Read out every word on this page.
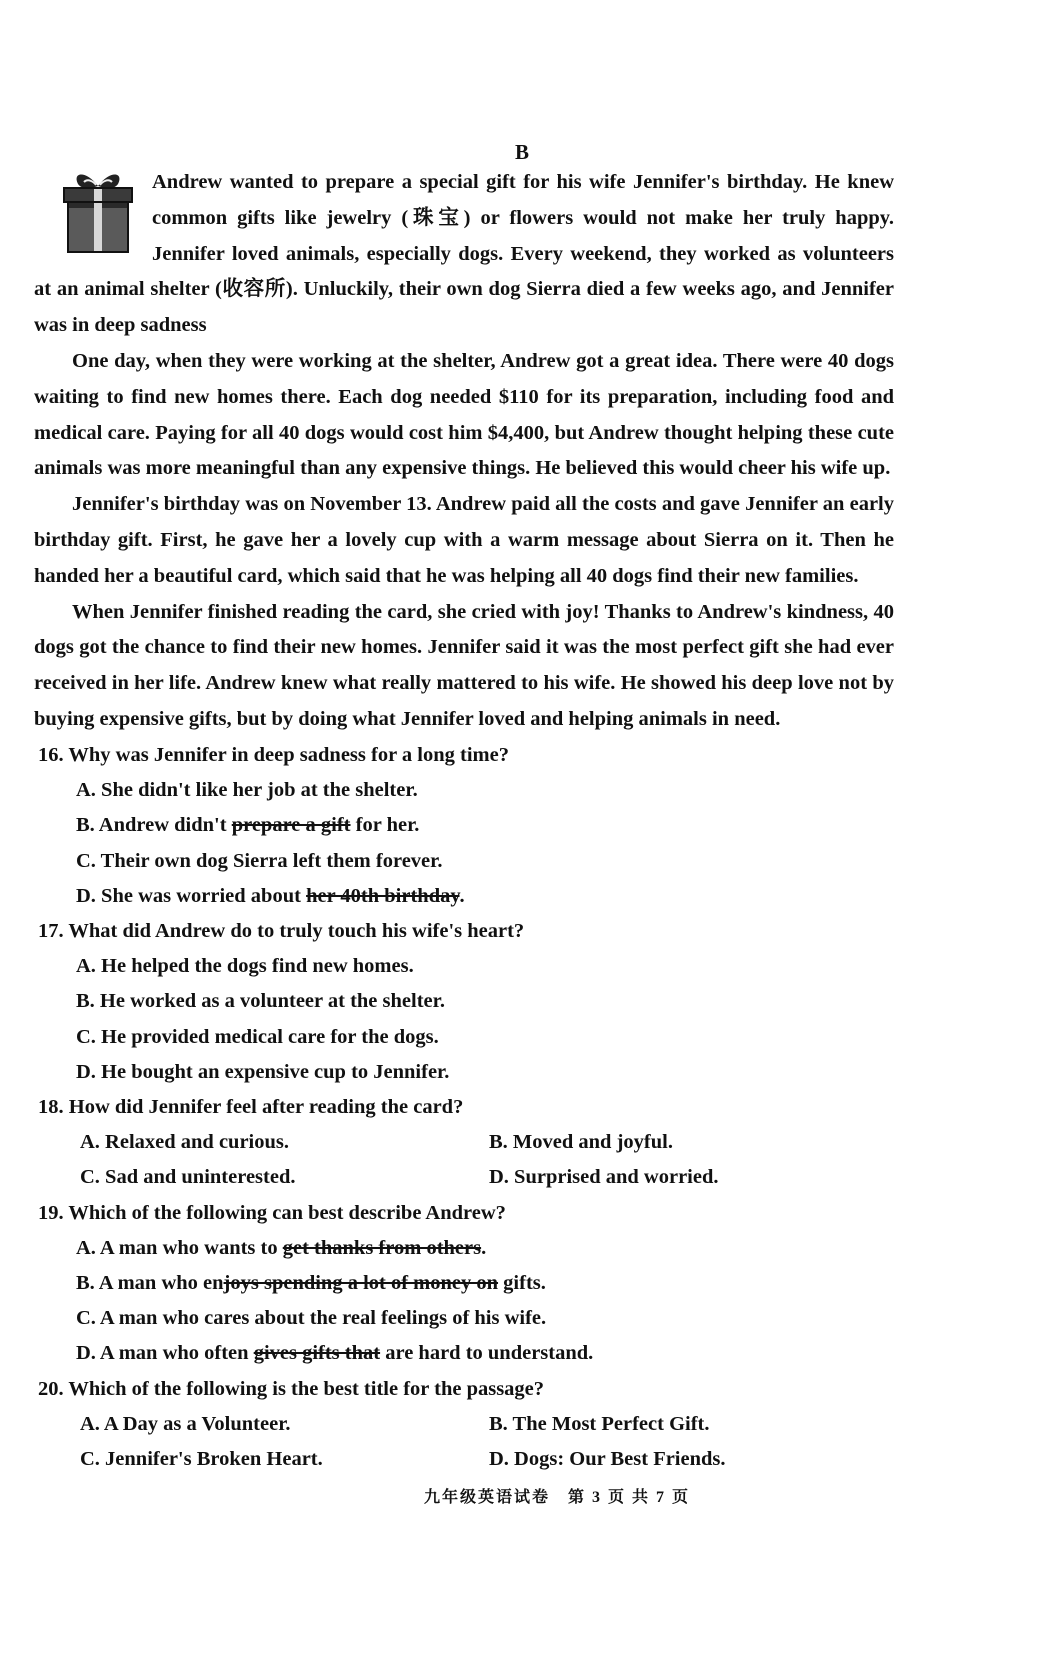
B

Andrew wanted to prepare a special gift for his wife Jennifer's birthday. He knew common gifts like jewelry (珠宝) or flowers would not make her truly happy. Jennifer loved animals, especially dogs. Every weekend, they worked as volunteers at an animal shelter (收容所). Unluckily, their own dog Sierra died a few weeks ago, and Jennifer was in deep sadness

One day, when they were working at the shelter, Andrew got a great idea. There were 40 dogs waiting to find new homes there. Each dog needed $110 for its preparation, including food and medical care. Paying for all 40 dogs would cost him $4,400, but Andrew thought helping these cute animals was more meaningful than any expensive things. He believed this would cheer his wife up.

Jennifer's birthday was on November 13. Andrew paid all the costs and gave Jennifer an early birthday gift. First, he gave her a lovely cup with a warm message about Sierra on it. Then he handed her a beautiful card, which said that he was helping all 40 dogs find their new families.

When Jennifer finished reading the card, she cried with joy! Thanks to Andrew's kindness, 40 dogs got the chance to find their new homes. Jennifer said it was the most perfect gift she had ever received in her life. Andrew knew what really mattered to his wife. He showed his deep love not by buying expensive gifts, but by doing what Jennifer loved and helping animals in need.

16. Why was Jennifer in deep sadness for a long time?
A. She didn't like her job at the shelter.
B. Andrew didn't prepare a gift for her.
C. Their own dog Sierra left them forever.
D. She was worried about her 40th birthday.
17. What did Andrew do to truly touch his wife's heart?
A. He helped the dogs find new homes.
B. He worked as a volunteer at the shelter.
C. He provided medical care for the dogs.
D. He bought an expensive cup to Jennifer.
18. How did Jennifer feel after reading the card?
A. Relaxed and curious.	B. Moved and joyful.
C. Sad and uninterested.	D. Surprised and worried.
19. Which of the following can best describe Andrew?
A. A man who wants to get thanks from others.
B. A man who enjoys spending a lot of money on gifts.
C. A man who cares about the real feelings of his wife.
D. A man who often gives gifts that are hard to understand.
20. Which of the following is the best title for the passage?
A. A Day as a Volunteer.	B. The Most Perfect Gift.
C. Jennifer's Broken Heart.	D. Dogs: Our Best Friends.
九年级英语试卷　第 3 页 共 7 页
